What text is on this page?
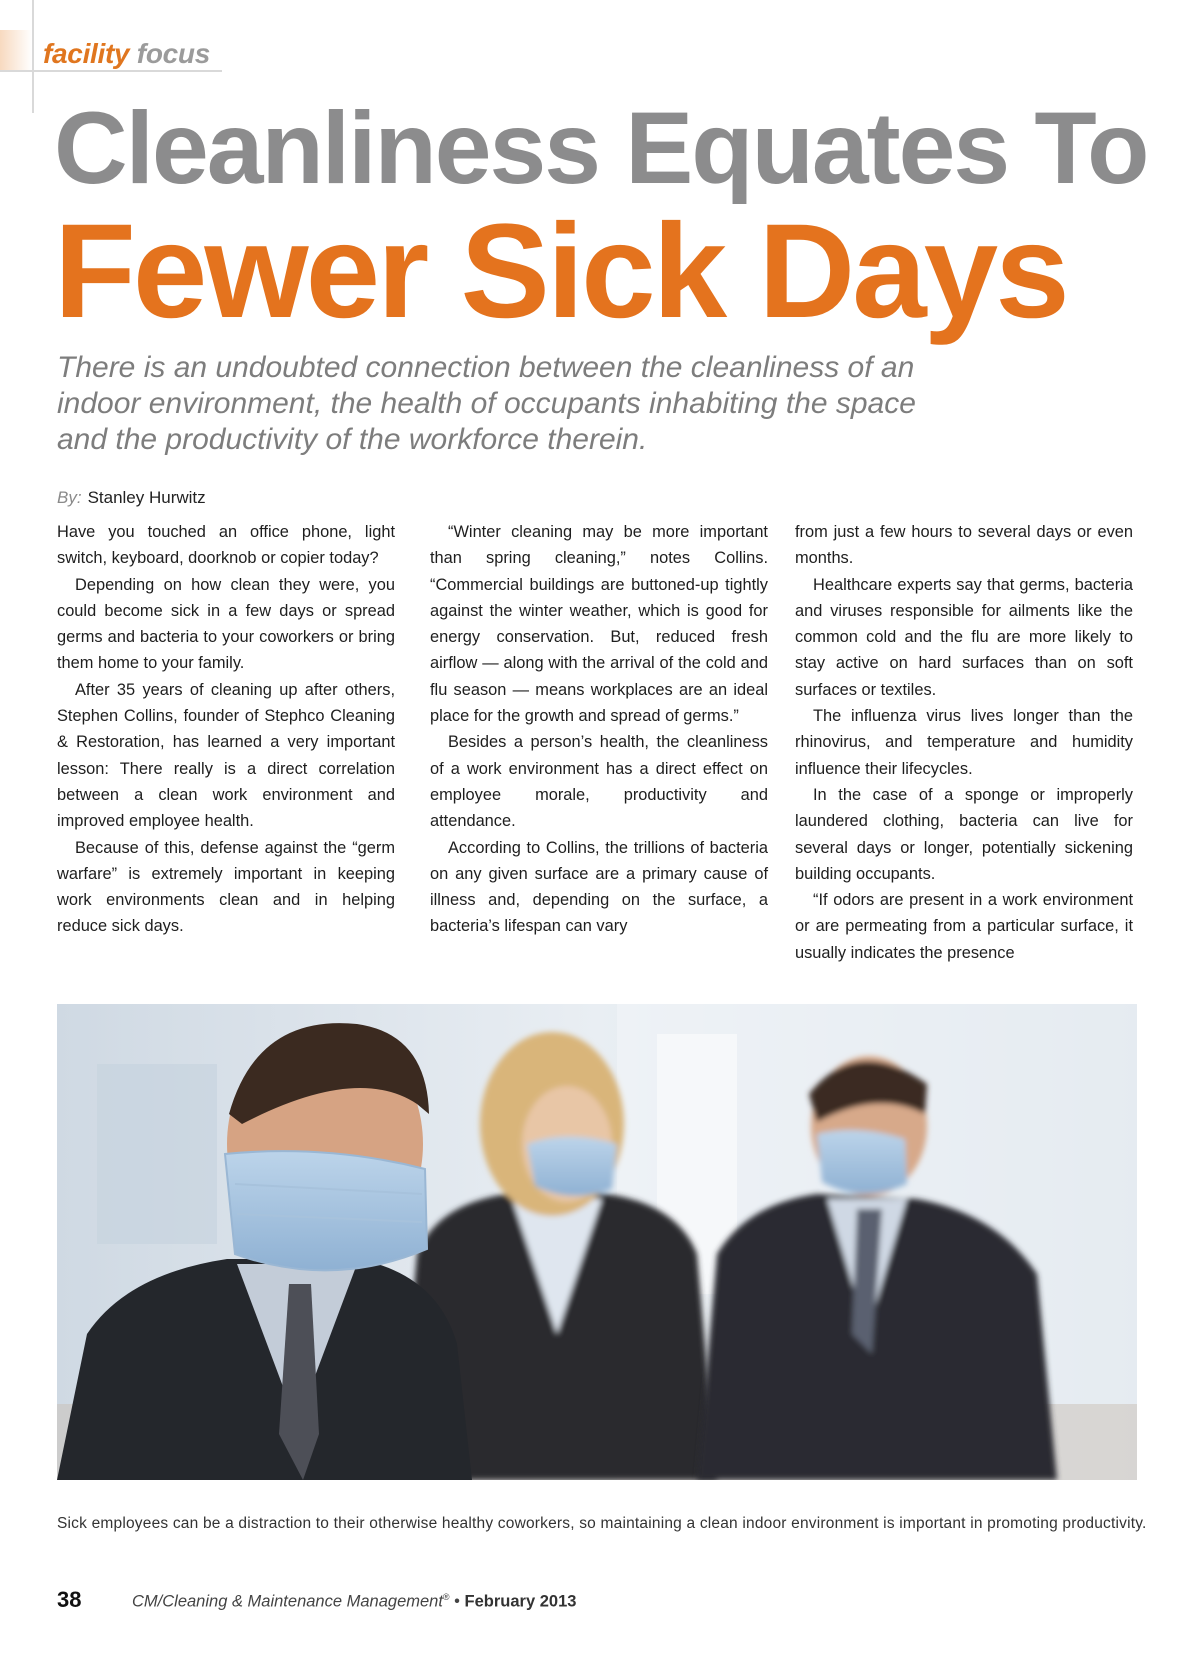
facility focus
Cleanliness Equates To
Fewer Sick Days
There is an undoubted connection between the cleanliness of an indoor environment, the health of occupants inhabiting the space and the productivity of the workforce therein.
By: Stanley Hurwitz

Have you touched an office phone, light switch, keyboard, doorknob or copier today?

Depending on how clean they were, you could become sick in a few days or spread germs and bacteria to your coworkers or bring them home to your family.

After 35 years of cleaning up after others, Stephen Collins, founder of Stephco Cleaning & Restoration, has learned a very important lesson: There really is a direct correlation between a clean work environment and improved employee health.

Because of this, defense against the “germ warfare” is extremely important in keeping work environments clean and in helping reduce sick days.

“Winter cleaning may be more important than spring cleaning,” notes Collins. “Commercial buildings are buttoned-up tightly against the winter weather, which is good for energy conservation. But, reduced fresh airflow — along with the arrival of the cold and flu season — means workplaces are an ideal place for the growth and spread of germs.”

Besides a person’s health, the cleanliness of a work environment has a direct effect on employee morale, productivity and attendance.

According to Collins, the trillions of bacteria on any given surface are a primary cause of illness and, depending on the surface, a bacteria’s lifespan can vary

from just a few hours to several days or even months.

Healthcare experts say that germs, bacteria and viruses responsible for ailments like the common cold and the flu are more likely to stay active on hard surfaces than on soft surfaces or textiles.

The influenza virus lives longer than the rhinovirus, and temperature and humidity influence their lifecycles.

In the case of a sponge or improperly laundered clothing, bacteria can live for several days or longer, potentially sickening building occupants.

“If odors are present in a work environment or are permeating from a particular surface, it usually indicates the presence

Sick employees can be a distraction to their otherwise healthy coworkers, so maintaining a clean indoor environment is important in promoting productivity.
38	CM/Cleaning & Maintenance Management® • February 2013
